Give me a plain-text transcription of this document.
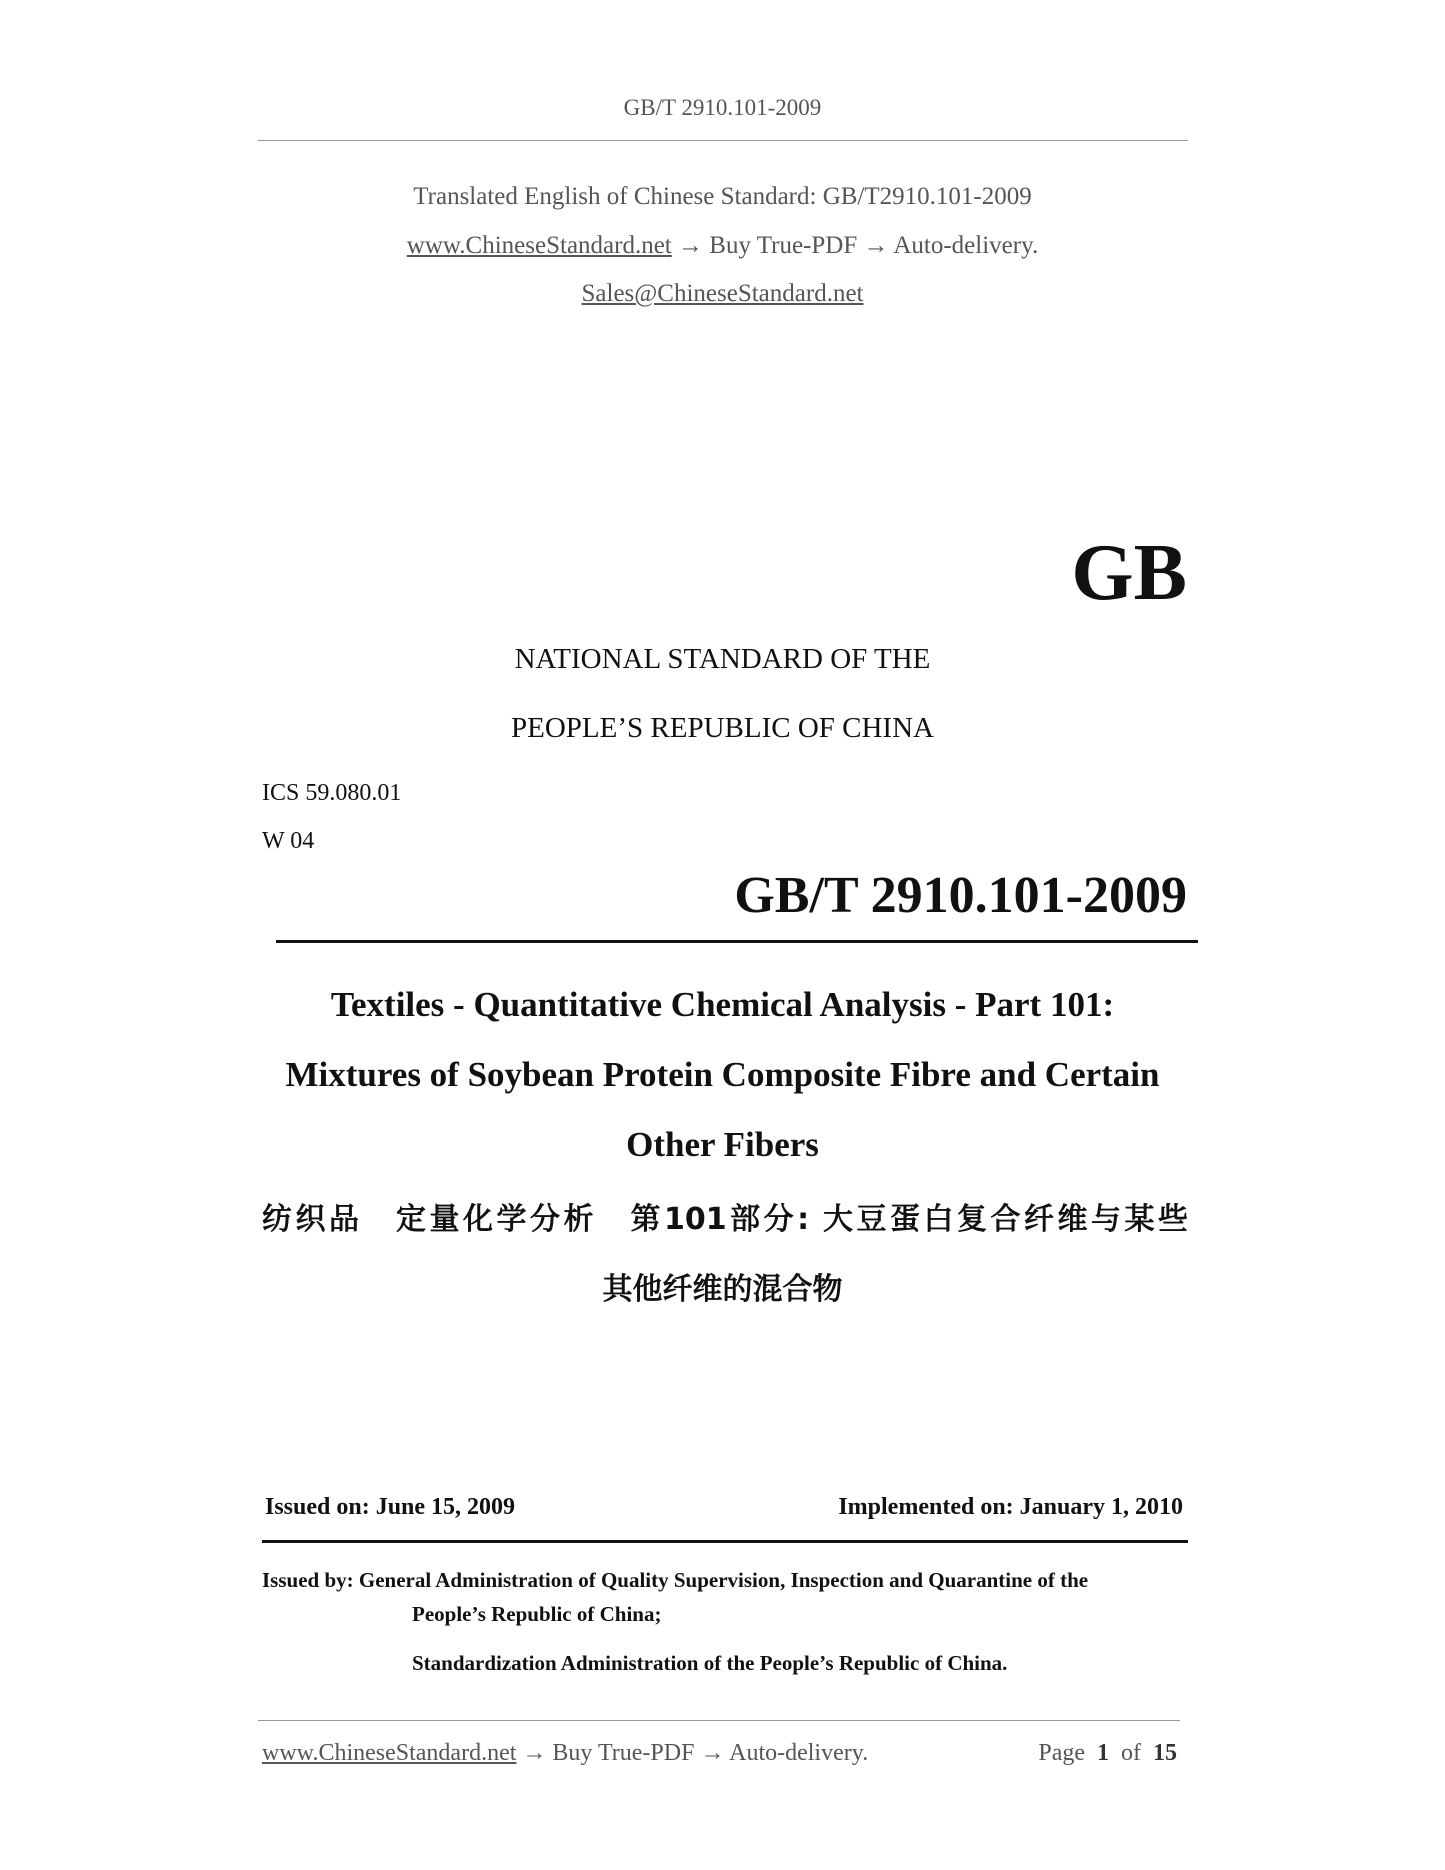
GB/T 2910.101-2009
Translated English of Chinese Standard: GB/T2910.101-2009
www.ChineseStandard.net → Buy True-PDF → Auto-delivery.
Sales@ChineseStandard.net
GB
NATIONAL STANDARD OF THE
PEOPLE’S REPUBLIC OF CHINA
ICS 59.080.01
W 04
GB/T 2910.101-2009
Textiles - Quantitative Chemical Analysis - Part 101:
Mixtures of Soybean Protein Composite Fibre and Certain
Other Fibers
纺织品　定量化学分析　第101部分: 大豆蛋白复合纤维与某些
其他纤维的混合物
Issued on: June 15, 2009	Implemented on: January 1, 2010
Issued by: General Administration of Quality Supervision, Inspection and Quarantine of the
People’s Republic of China;
Standardization Administration of the People’s Republic of China.
www.ChineseStandard.net → Buy True-PDF → Auto-delivery.	Page 1 of 15
